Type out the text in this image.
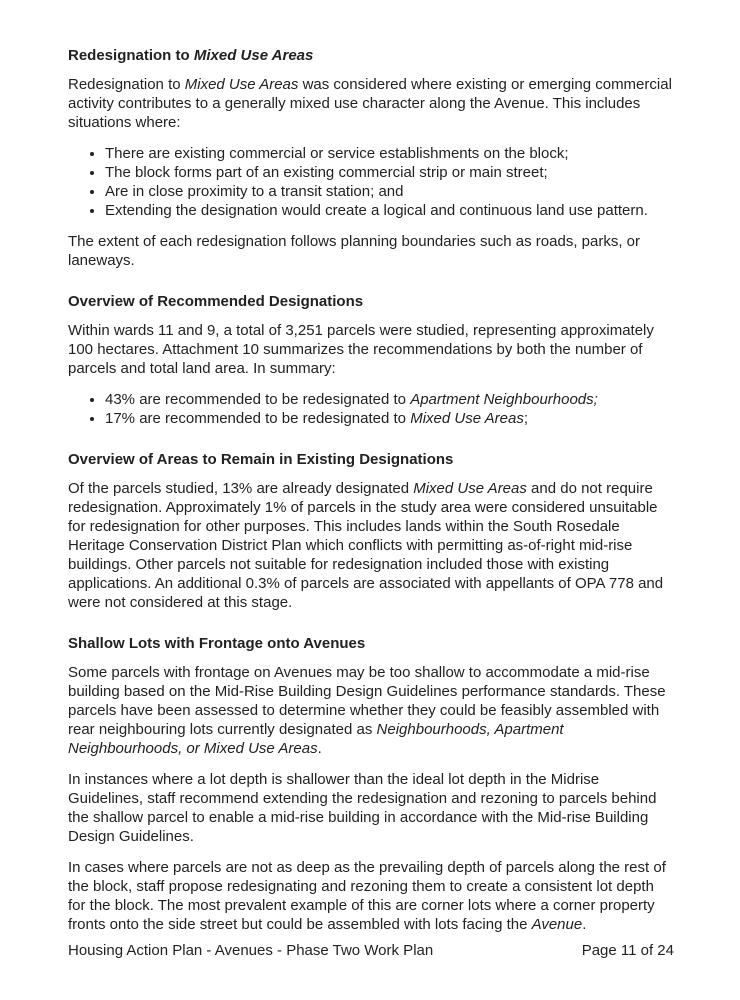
Redesignation to Mixed Use Areas

Redesignation to Mixed Use Areas was considered where existing or emerging commercial activity contributes to a generally mixed use character along the Avenue. This includes situations where:

• There are existing commercial or service establishments on the block;
• The block forms part of an existing commercial strip or main street;
• Are in close proximity to a transit station; and
• Extending the designation would create a logical and continuous land use pattern.

The extent of each redesignation follows planning boundaries such as roads, parks, or laneways.

Overview of Recommended Designations

Within wards 11 and 9, a total of 3,251 parcels were studied, representing approximately 100 hectares. Attachment 10 summarizes the recommendations by both the number of parcels and total land area. In summary:

• 43% are recommended to be redesignated to Apartment Neighbourhoods;
• 17% are recommended to be redesignated to Mixed Use Areas;
Overview of Areas to Remain in Existing Designations

Of the parcels studied, 13% are already designated Mixed Use Areas and do not require redesignation. Approximately 1% of parcels in the study area were considered unsuitable for redesignation for other purposes. This includes lands within the South Rosedale Heritage Conservation District Plan which conflicts with permitting as-of-right mid-rise buildings. Other parcels not suitable for redesignation included those with existing applications. An additional 0.3% of parcels are associated with appellants of OPA 778 and were not considered at this stage.

Shallow Lots with Frontage onto Avenues

Some parcels with frontage on Avenues may be too shallow to accommodate a mid-rise building based on the Mid-Rise Building Design Guidelines performance standards. These parcels have been assessed to determine whether they could be feasibly assembled with rear neighbouring lots currently designated as Neighbourhoods, Apartment Neighbourhoods, or Mixed Use Areas.

In instances where a lot depth is shallower than the ideal lot depth in the Midrise Guidelines, staff recommend extending the redesignation and rezoning to parcels behind the shallow parcel to enable a mid-rise building in accordance with the Mid-rise Building Design Guidelines.

In cases where parcels are not as deep as the prevailing depth of parcels along the rest of the block, staff propose redesignating and rezoning them to create a consistent lot depth for the block. The most prevalent example of this are corner lots where a corner property fronts onto the side street but could be assembled with lots facing the Avenue.

Housing Action Plan - Avenues - Phase Two Work Plan	Page 11 of 24
